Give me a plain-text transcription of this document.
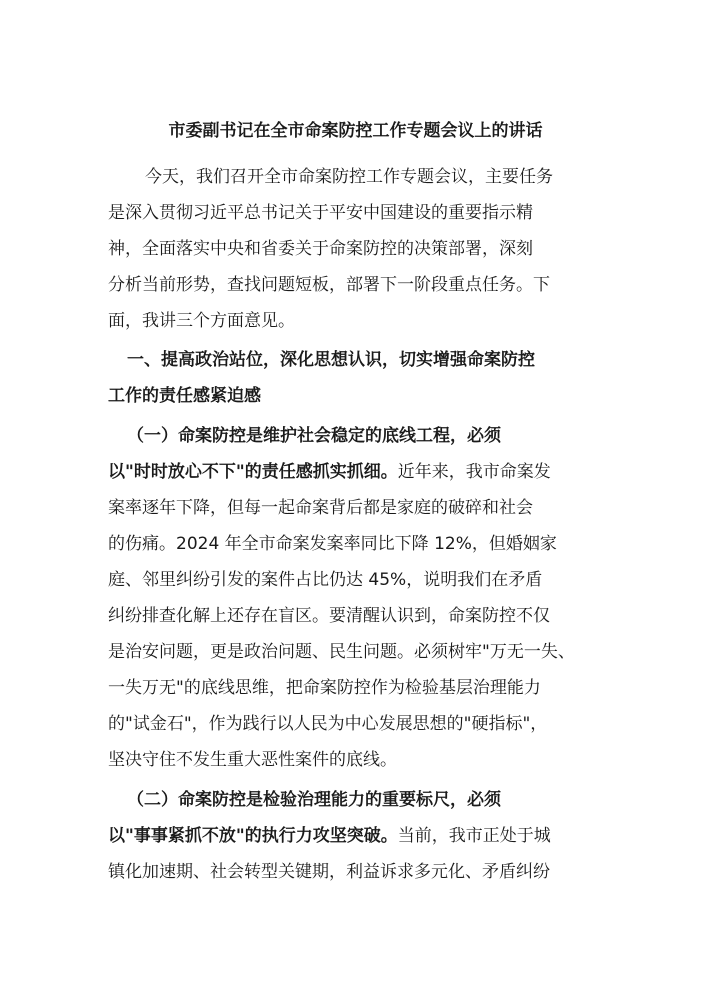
市委副书记在全市命案防控工作专题会议上的讲话
今天，我们召开全市命案防控工作专题会议，主要任务
是深入贯彻习近平总书记关于平安中国建设的重要指示精
神，全面落实中央和省委关于命案防控的决策部署，深刻
分析当前形势，查找问题短板，部署下一阶段重点任务。下
面，我讲三个方面意见。
一、提高政治站位，深化思想认识，切实增强命案防控
工作的责任感紧迫感
（一）命案防控是维护社会稳定的底线工程，必须
以"时时放心不下"的责任感抓实抓细。近年来，我市命案发
案率逐年下降，但每一起命案背后都是家庭的破碎和社会
的伤痛。2024 年全市命案发案率同比下降 12%，但婚姻家
庭、邻里纠纷引发的案件占比仍达 45%，说明我们在矛盾
纠纷排查化解上还存在盲区。要清醒认识到，命案防控不仅
是治安问题，更是政治问题、民生问题。必须树牢"万无一失、
一失万无"的底线思维，把命案防控作为检验基层治理能力
的"试金石"，作为践行以人民为中心发展思想的"硬指标"，
坚决守住不发生重大恶性案件的底线。
（二）命案防控是检验治理能力的重要标尺，必须
以"事事紧抓不放"的执行力攻坚突破。当前，我市正处于城
镇化加速期、社会转型关键期，利益诉求多元化、矛盾纠纷
